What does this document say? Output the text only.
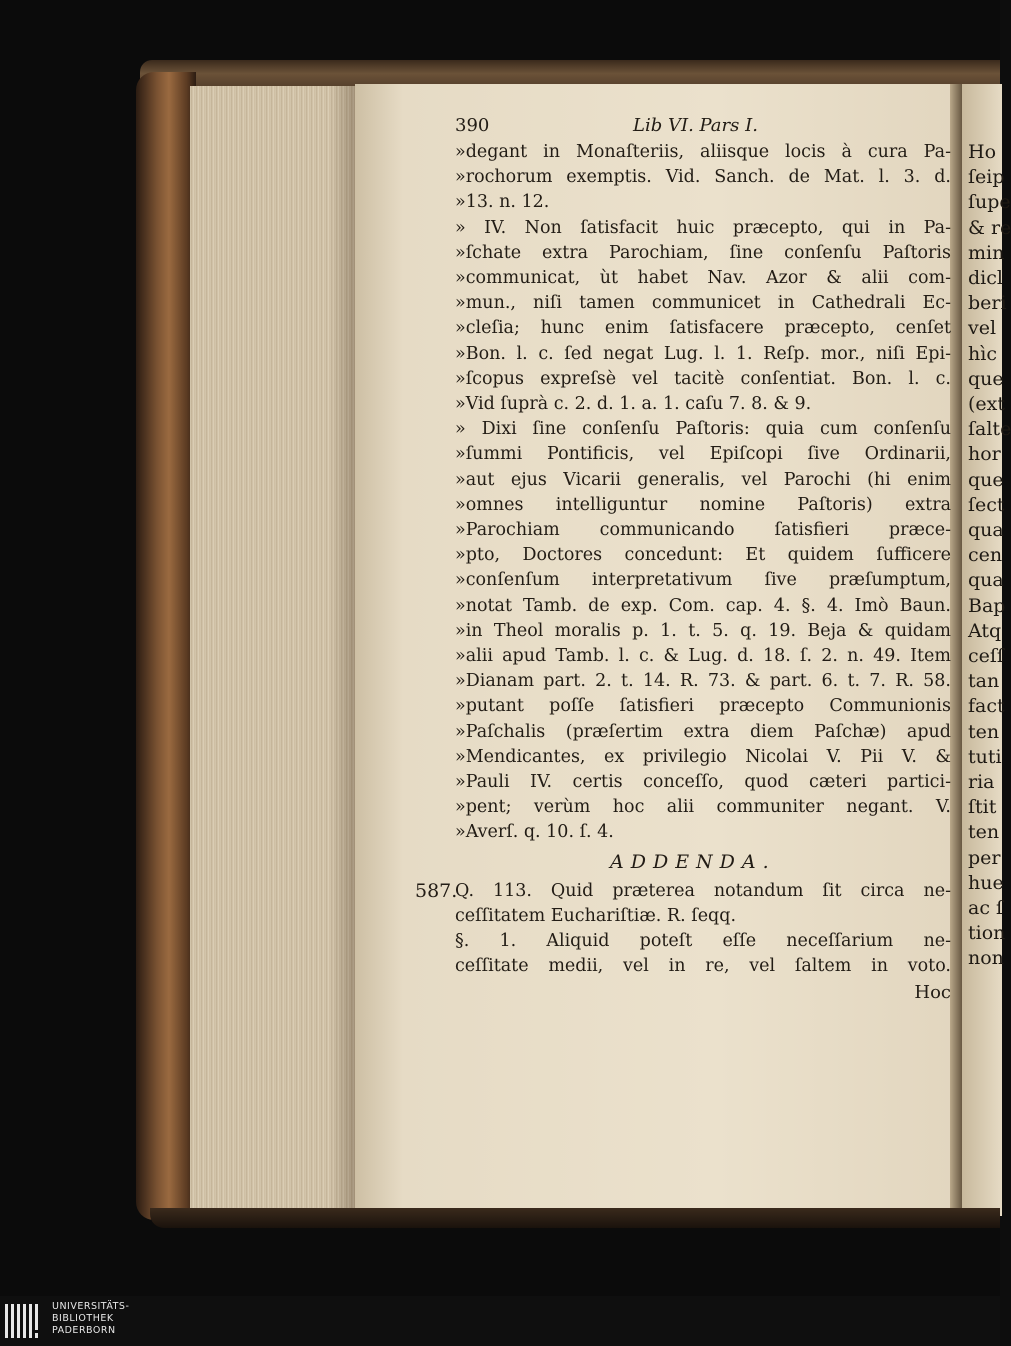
Ho
ſeip
ſupe
& re
min
dicl
beri
vel
hìc
que
(ext
ſalte
hor
que
ſect
qua
cen
qua
Bap
Atq
ceſſ
tan
fact
ten
tuti
ria
ſtit
ten
per
hue
ac ſ
tion
non
390	Lib VI. Pars I.
»degant in Monaſteriis, aliisque locis à cura Pa-
»rochorum exemptis. Vid. Sanch. de Mat. l. 3. d.
»13. n. 12.
» IV. Non ſatisfacit huic præcepto, qui in Pa-
»ſchate extra Parochiam, ſine conſenſu Paſtoris
»communicat, ùt habet Nav. Azor & alii com-
»mun., niſi tamen communicet in Cathedrali Ec-
»cleſia; hunc enim ſatisfacere præcepto, cenſet
»Bon. l. c. ſed negat Lug. l. 1. Reſp. mor., niſi Epi-
»ſcopus expreſsè vel tacitè conſentiat. Bon. l. c.
»Vid ſuprà c. 2. d. 1. a. 1. caſu 7. 8. & 9.
» Dixi ſine conſenſu Paſtoris: quia cum conſenſu
»ſummi Pontificis, vel Epiſcopi ſive Ordinarii,
»aut ejus Vicarii generalis, vel Parochi (hi enim
»omnes intelliguntur nomine Paſtoris) extra
»Parochiam communicando ſatisfieri præce-
»pto, Doctores concedunt: Et quidem ſufficere
»conſenſum interpretativum ſive præſumptum,
»notat Tamb. de exp. Com. cap. 4. §. 4. Imò Baun.
»in Theol moralis p. 1. t. 5. q. 19. Beja & quidam
»alii apud Tamb. l. c. & Lug. d. 18. ſ. 2. n. 49. Item
»Dianam part. 2. t. 14. R. 73. & part. 6. t. 7. R. 58.
»putant poſſe ſatisfieri præcepto Communionis
»Paſchalis (præſertim extra diem Paſchæ) apud
»Mendicantes, ex privilegio Nicolai V. Pii V. &
»Pauli IV. certis conceſſo, quod cæteri partici-
»pent; verùm hoc alii communiter negant. V.
»Averſ. q. 10. ſ. 4.
ADDENDA.
587.
Q. 113. Quid præterea notandum ſit circa ne-
ceſſitatem Euchariſtiæ. R. ſeqq.
§. 1. Aliquid poteſt eſſe neceſſarium ne-
ceſſitate medii, vel in re, vel ſaltem in voto.
Hoc
UNIVERSITÄTS-
BIBLIOTHEK
PADERBORN
